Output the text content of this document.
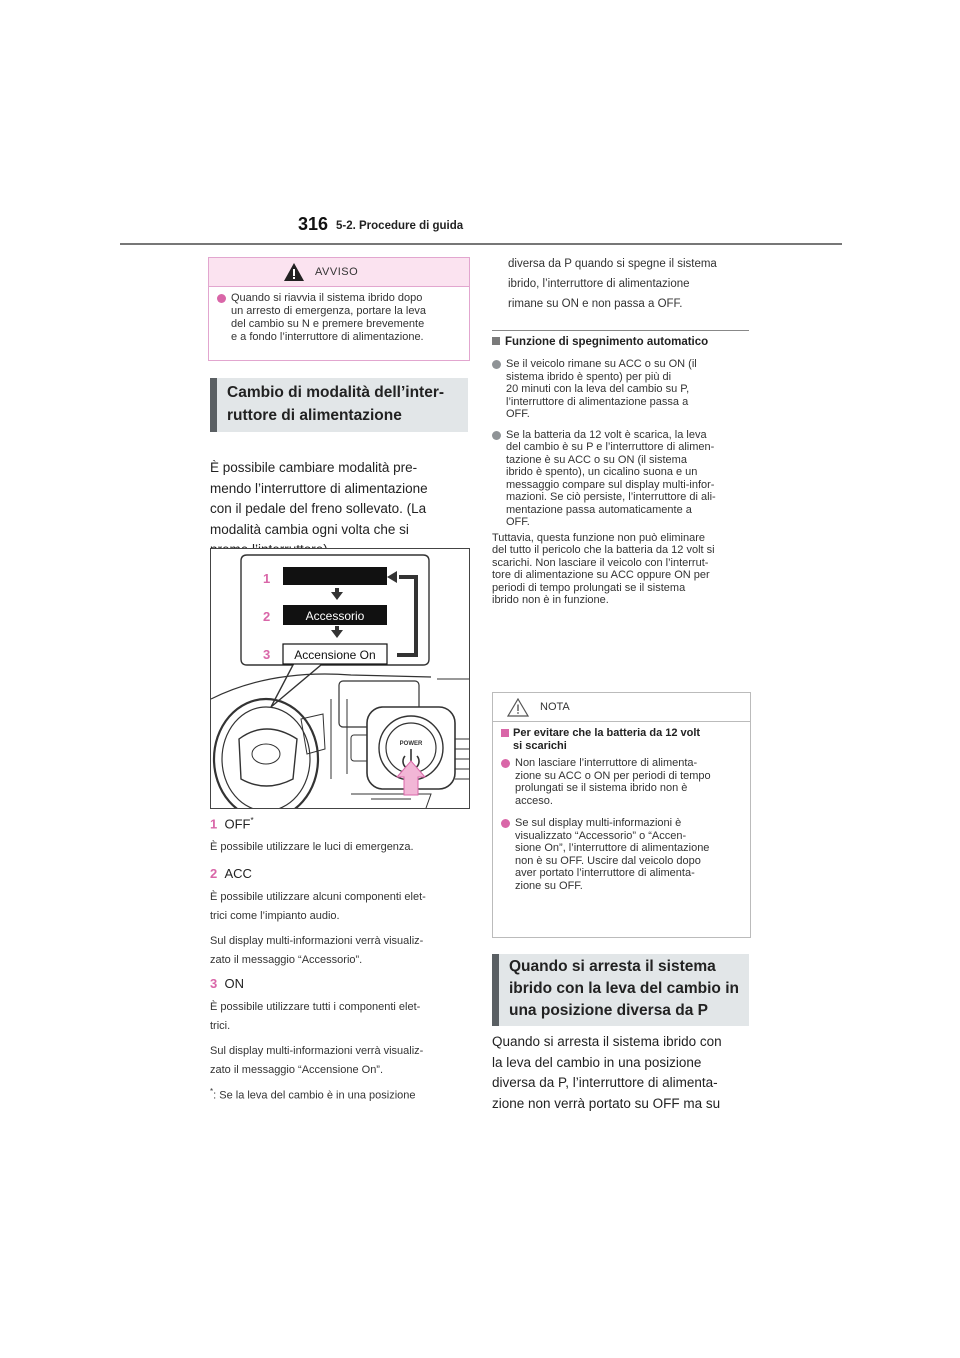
316 5-2. Procedure di guida
AVVISO
Quando si riavvia il sistema ibrido dopo
un arresto di emergenza, portare la leva
del cambio su N e premere brevemente
e a fondo l’interruttore di alimentazione.
Cambio di modalità dell’inter-
ruttore di alimentazione
È possibile cambiare modalità pre-
mendo l’interruttore di alimentazione
con il pedale del freno sollevato. (La
modalità cambia ogni volta che si
Accessorio
Accensione On
POWER
1
2
3
1 OFF*
È possibile utilizzare le luci di emergenza.
2 ACC
È possibile utilizzare alcuni componenti elet-
trici come l’impianto audio.
Sul display multi-informazioni verrà visualiz-
zato il messaggio “Accessorio”.
3 ON
È possibile utilizzare tutti i componenti elet-
trici.
Sul display multi-informazioni verrà visualiz-
zato il messaggio “Accensione On”.
*: Se la leva del cambio è in una posizione
diversa da P quando si spegne il sistema
ibrido, l’interruttore di alimentazione
rimane su ON e non passa a OFF.
Funzione di spegnimento automatico
Se il veicolo rimane su ACC o su ON (il
sistema ibrido è spento) per più di
20 minuti con la leva del cambio su P,
l’interruttore di alimentazione passa a
OFF.
Se la batteria da 12 volt è scarica, la leva
del cambio è su P e l’interruttore di alimen-
tazione è su ACC o su ON (il sistema
ibrido è spento), un cicalino suona e un
messaggio compare sul display multi-infor-
mazioni. Se ciò persiste, l’interruttore di ali-
mentazione passa automaticamente a
OFF.
Tuttavia, questa funzione non può eliminare
del tutto il pericolo che la batteria da 12 volt si
scarichi. Non lasciare il veicolo con l’interrut-
tore di alimentazione su ACC oppure ON per
periodi di tempo prolungati se il sistema
ibrido non è in funzione.
NOTA
Per evitare che la batteria da 12 volt
si scarichi
Non lasciare l’interruttore di alimenta-
zione su ACC o ON per periodi di tempo
prolungati se il sistema ibrido non è
acceso.
Se sul display multi-informazioni è
visualizzato “Accessorio” o “Accen-
sione On”, l’interruttore di alimentazione
non è su OFF. Uscire dal veicolo dopo
aver portato l’interruttore di alimenta-
zione su OFF.
Quando si arresta il sistema
ibrido con la leva del cambio in
una posizione diversa da P
Quando si arresta il sistema ibrido con
la leva del cambio in una posizione
diversa da P, l’interruttore di alimenta-
zione non verrà portato su OFF ma su
